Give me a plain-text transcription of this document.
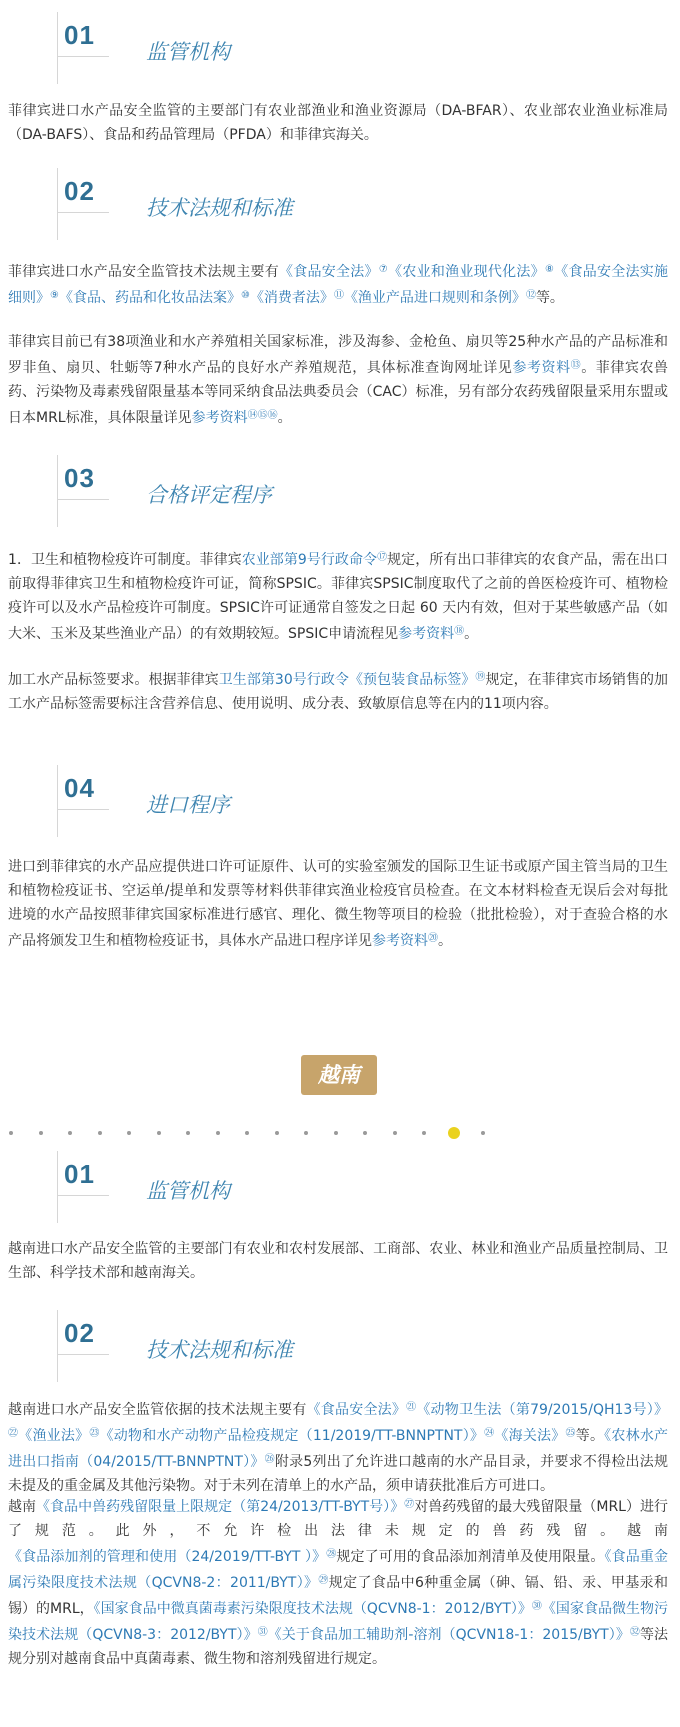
01
监管机构

菲律宾进口水产品安全监管的主要部门有农业部渔业和渔业资源局（DA-BFAR）、农业部农业渔业标准局（DA-BAFS）、食品和药品管理局（PFDA）和菲律宾海关。

02
技术法规和标准

菲律宾进口水产品安全监管技术法规主要有《食品安全法》⑦《农业和渔业现代化法》⑧《食品安全法实施细则》⑨《食品、药品和化妆品法案》⑩《消费者法》⑪《渔业产品进口规则和条例》⑫等。

菲律宾目前已有38项渔业和水产养殖相关国家标准，涉及海参、金枪鱼、扇贝等25种水产品的产品标准和罗非鱼、扇贝、牡蛎等7种水产品的良好水产养殖规范，具体标准查询网址详见参考资料⑬。菲律宾农兽药、污染物及毒素残留限量基本等同采纳食品法典委员会（CAC）标准，另有部分农药残留限量采用东盟或日本MRL标准，具体限量详见参考资料⑭⑮⑯。

03
合格评定程序

1．卫生和植物检疫许可制度。菲律宾农业部第9号行政命令⑰规定，所有出口菲律宾的农食产品，需在出口前取得菲律宾卫生和植物检疫许可证，简称SPSIC。菲律宾SPSIC制度取代了之前的兽医检疫许可、植物检疫许可以及水产品检疫许可制度。SPSIC许可证通常自签发之日起 60 天内有效，但对于某些敏感产品（如大米、玉米及某些渔业产品）的有效期较短。SPSIC申请流程见参考资料⑱。

加工水产品标签要求。根据菲律宾卫生部第30号行政令《预包装食品标签》⑲规定，在菲律宾市场销售的加工水产品标签需要标注含营养信息、使用说明、成分表、致敏原信息等在内的11项内容。

04
进口程序

进口到菲律宾的水产品应提供进口许可证原件、认可的实验室颁发的国际卫生证书或原产国主管当局的卫生和植物检疫证书、空运单/提单和发票等材料供菲律宾渔业检疫官员检查。在文本材料检查无误后会对每批进境的水产品按照菲律宾国家标准进行感官、理化、微生物等项目的检验（批批检验），对于查验合格的水产品将颁发卫生和植物检疫证书，具体水产品进口程序详见参考资料⑳。

越南
01
监管机构

越南进口水产品安全监管的主要部门有农业和农村发展部、工商部、农业、林业和渔业产品质量控制局、卫生部、科学技术部和越南海关。

02
技术法规和标准

越南进口水产品安全监管依据的技术法规主要有《食品安全法》$^㉑$《动物卫生法（第79/2015/QH13号）》$^㉒$《渔业法》$^㉓$《动物和水产动物产品检疫规定（11/2019/TT-BNNPTNT）》$^㉔$《海关法》$^㉕$等。《农林水产进出口指南（04/2015/TT-BNNPTNT）》$^㉖$附录5列出了允许进口越南的水产品目录，并要求不得检出法规未提及的重金属及其他污染物。对于未列在清单上的水产品，须申请获批准后方可进口。

越南《食品中兽药残留限量上限规定（第24/2013/TT-BYT号）》$^㉗$对兽药残留的最大残留限量（MRL）进行了规范。此外，不允许检出法律未规定的兽药残留。越南《食品添加剂的管理和使用（24/2019/TT-BYT ）》$^㉘$规定了可用的食品添加剂清单及使用限量。《食品重金属污染限度技术法规（QCVN8-2：2011/BYT）》$^㉙$规定了食品中6种重金属（砷、镉、铅、汞、甲基汞和锡）的MRL，《国家食品中微真菌毒素污染限度技术法规（QCVN8-1：2012/BYT）》$^㉚$《国家食品微生物污染技术法规（QCVN8-3：2012/BYT）》$^㉛$《关于食品加工辅助剂-溶剂（QCVN18-1：2015/BYT）》$^㉜$等法规分别对越南食品中真菌毒素、微生物和溶剂残留进行规定。
